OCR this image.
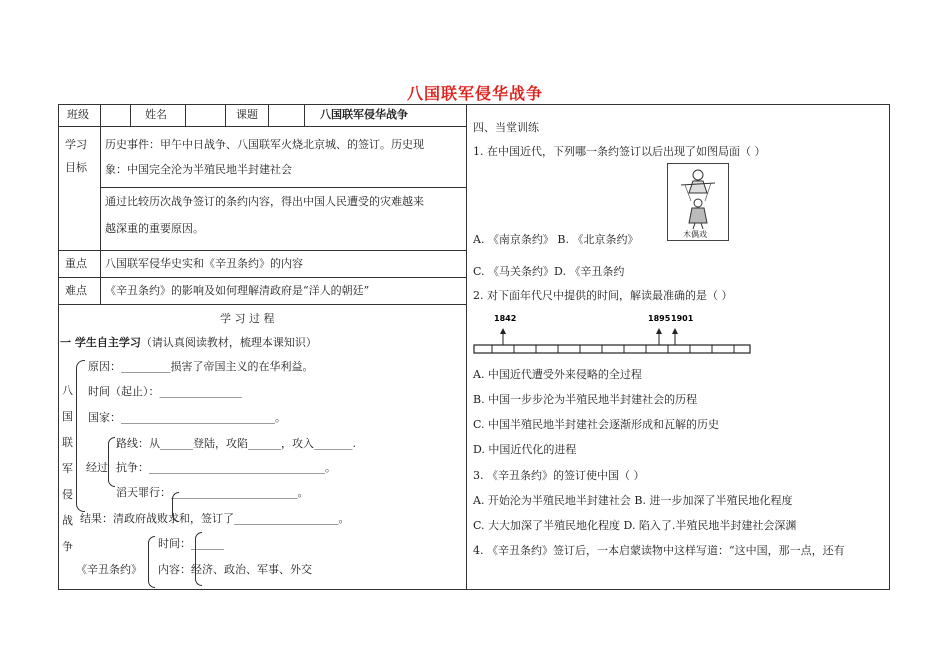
八国联军侵华战争
班级	姓名	课题	八国联军侵华战争
学习
目标
历史事件：甲午中日战争、八国联军火烧北京城、的签订。历史现
象：中国完全沦为半殖民地半封建社会
通过比较历次战争签订的条约内容，得出中国人民遭受的灾难越来
越深重的重要原因。
重点 八国联军侵华史实和《辛丑条约》的内容
难点 《辛丑条约》的影响及如何理解清政府是“洋人的朝廷”
学 习 过 程
一 学生自主学习（请认真阅读教材，梳理本课知识）
八
国
联
军
侵
战
争
原因：_________损害了帝国主义的在华利益。
时间（起止）：_______________
国家：____________________________。
路线：从______登陆，攻陷______，攻入_______.
经过 抗争：________________________________。
滔天罪行：_______________________。
结果：清政府战败求和，签订了___________________。
时间：______
《辛丑条约》 内容：经济、政治、军事、外交
四、当堂训练
1. 在中国近代，下列哪一条约签订以后出现了如图局面（ ）
木偶戏
A. 《南京条约》 B. 《北京条约》
C. 《马关条约》D. 《辛丑条约
2. 对下面年代尺中提供的时间，解读最准确的是（ ）
1842	1895 1901
A. 中国近代遭受外来侵略的全过程
B. 中国一步步沦为半殖民地半封建社会的历程
C. 中国半殖民地半封建社会逐渐形成和瓦解的历史
D. 中国近代化的进程
3. 《辛丑条约》的签订使中国（ ）
A. 开始沦为半殖民地半封建社会 B. 进一步加深了半殖民地化程度
C. 大大加深了半殖民地化程度 D. 陷入了.半殖民地半封建社会深渊
4. 《辛丑条约》签订后，一本启蒙读物中这样写道：“这中国，那一点，还有
